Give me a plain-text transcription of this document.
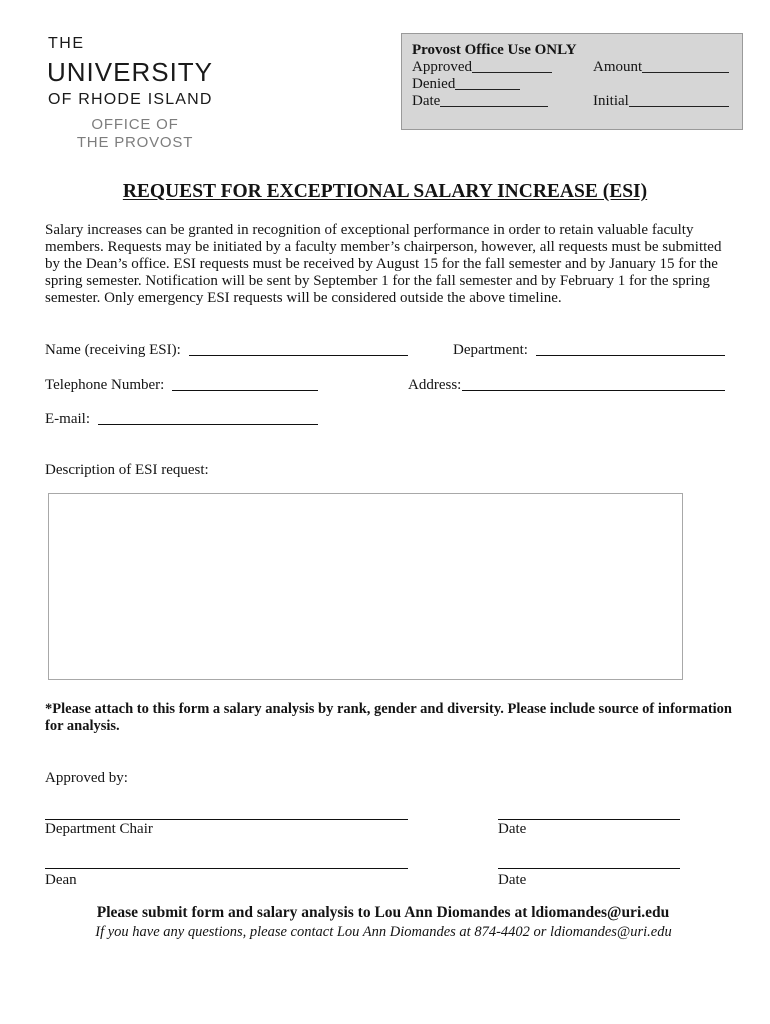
THE
UNIVERSITY
OF RHODE ISLAND
OFFICE OF
THE PROVOST
Provost Office Use ONLY
Approved	Amount
Denied
Date	Initial
REQUEST FOR EXCEPTIONAL SALARY INCREASE (ESI)
Salary increases can be granted in recognition of exceptional performance in order to retain valuable faculty members. Requests may be initiated by a faculty member’s chairperson, however, all requests must be submitted by the Dean’s office. ESI requests must be received by August 15 for the fall semester and by January 15 for the spring semester. Notification will be sent by September 1 for the fall semester and by February 1 for the spring semester. Only emergency ESI requests will be considered outside the above timeline.
Name (receiving ESI):	Department:
Telephone Number:	Address:
E-mail:
Description of ESI request:
*Please attach to this form a salary analysis by rank, gender and diversity. Please include source of information for analysis.
Approved by:
Department Chair	Date
Dean	Date
Please submit form and salary analysis to Lou Ann Diomandes at ldiomandes@uri.edu
If you have any questions, please contact Lou Ann Diomandes at 874-4402 or ldiomandes@uri.edu
